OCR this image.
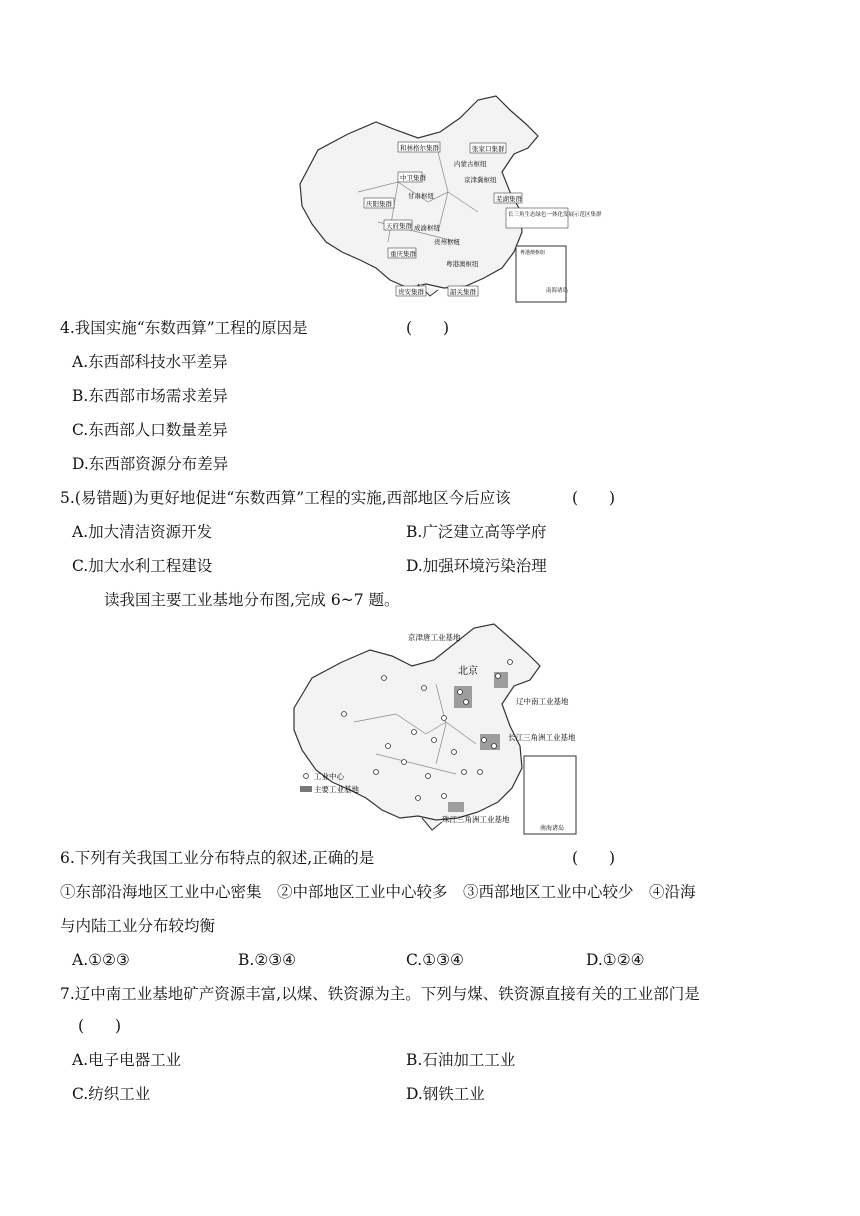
和林格尔集群	张家口集群
内蒙古枢纽
中卫集群	京津冀枢纽
芜湖集群
庆阳集群
甘肃枢纽
长三角生态绿色一体化发展示范区集群
天府集群 成渝枢纽
贵州枢纽
重庆集群
粤港澳枢纽
贵安集群	韶关集群
粤港澳枢纽
南海诸岛
4.我国实施“东数西算”工程的原因是	(　　)
A.东西部科技水平差异
B.东西部市场需求差异
C.东西部人口数量差异
D.东西部资源分布差异
5.(易错题)为更好地促进“东数西算”工程的实施,西部地区今后应该	(　　)
A.加大清洁资源开发	B.广泛建立高等学府
C.加大水利工程建设	D.加强环境污染治理
读我国主要工业基地分布图,完成 6~7 题。
京津唐工业基地
北京
辽中南工业基地
长江三角洲工业基地
珠江三角洲工业基地
工业中心
主要工业基地
南海诸岛
6.下列有关我国工业分布特点的叙述,正确的是	(　　)
①东部沿海地区工业中心密集　②中部地区工业中心较多　③西部地区工业中心较少　④沿海
与内陆工业分布较均衡
A.①②③	B.②③④	C.①③④	D.①②④
7.辽中南工业基地矿产资源丰富,以煤、铁资源为主。下列与煤、铁资源直接有关的工业部门是
(　　)
A.电子电器工业	B.石油加工工业
C.纺织工业	D.钢铁工业
